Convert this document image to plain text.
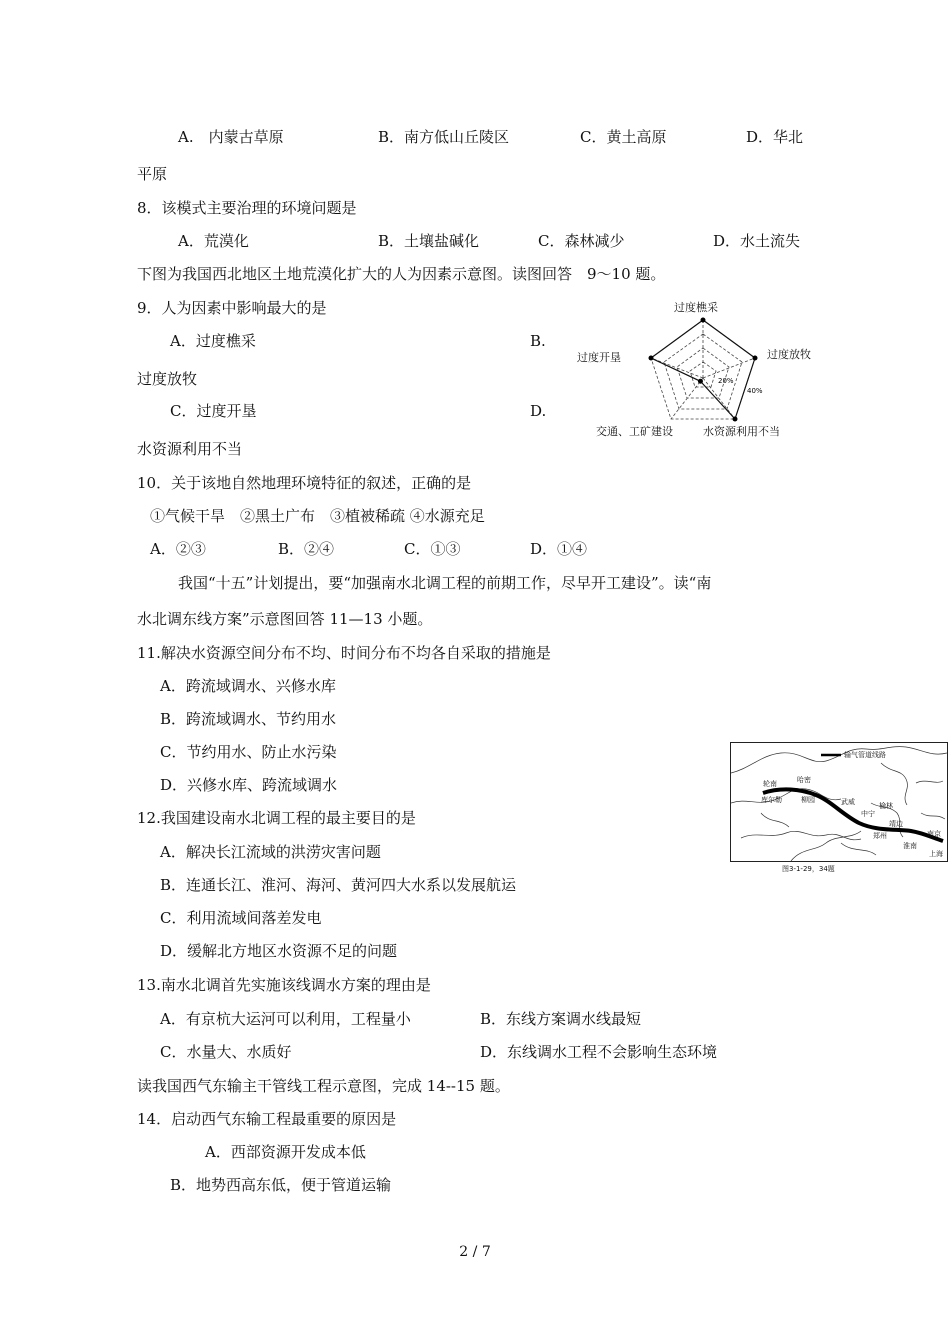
A.　内蒙古草原	B．南方低山丘陵区	C．黄土高原	D．华北
平原
8．该模式主要治理的环境问题是
A．荒漠化	B．土壤盐碱化	C．森林减少	D．水土流失
下图为我国西北地区土地荒漠化扩大的人为因素示意图。读图回答　9～10 题。
9．人为因素中影响最大的是
A．过度樵采	B.
过度放牧
C．过度开垦	D.
水资源利用不当
20%
40%
过度樵采
过度放牧
过度开垦
交通、工矿建设	水资源利用不当
10．关于该地自然地理环境特征的叙述，正确的是
①气候干旱　②黑土广布　③植被稀疏 ④水源充足
A．②③	B．②④	C．①③	D．①④
我国“十五”计划提出，要“加强南水北调工程的前期工作，尽早开工建设”。读“南
水北调东线方案”示意图回答 11—13 小题。
11.解决水资源空间分布不均、时间分布不均各自采取的措施是
A．跨流域调水、兴修水库
B．跨流域调水、节约用水
C．节约用水、防止水污染
D．兴修水库、跨流域调水
输气管道线路
轮南
库尔勒
哈密
柳园	武威
中宁
榆林
郑州
靖边
南京
淮南
上海
图3-1-29，34题
12.我国建设南水北调工程的最主要目的是
A．解决长江流域的洪涝灾害问题
B．连通长江、淮河、海河、黄河四大水系以发展航运
C．利用流域间落差发电
D．缓解北方地区水资源不足的问题
13.南水北调首先实施该线调水方案的理由是
A．有京杭大运河可以利用，工程量小	B．东线方案调水线最短
C．水量大、水质好	D．东线调水工程不会影响生态环境
读我国西气东输主干管线工程示意图，完成 14--15 题。
14．启动西气东输工程最重要的原因是
A．西部资源开发成本低
B．地势西高东低，便于管道运输
2 / 7
